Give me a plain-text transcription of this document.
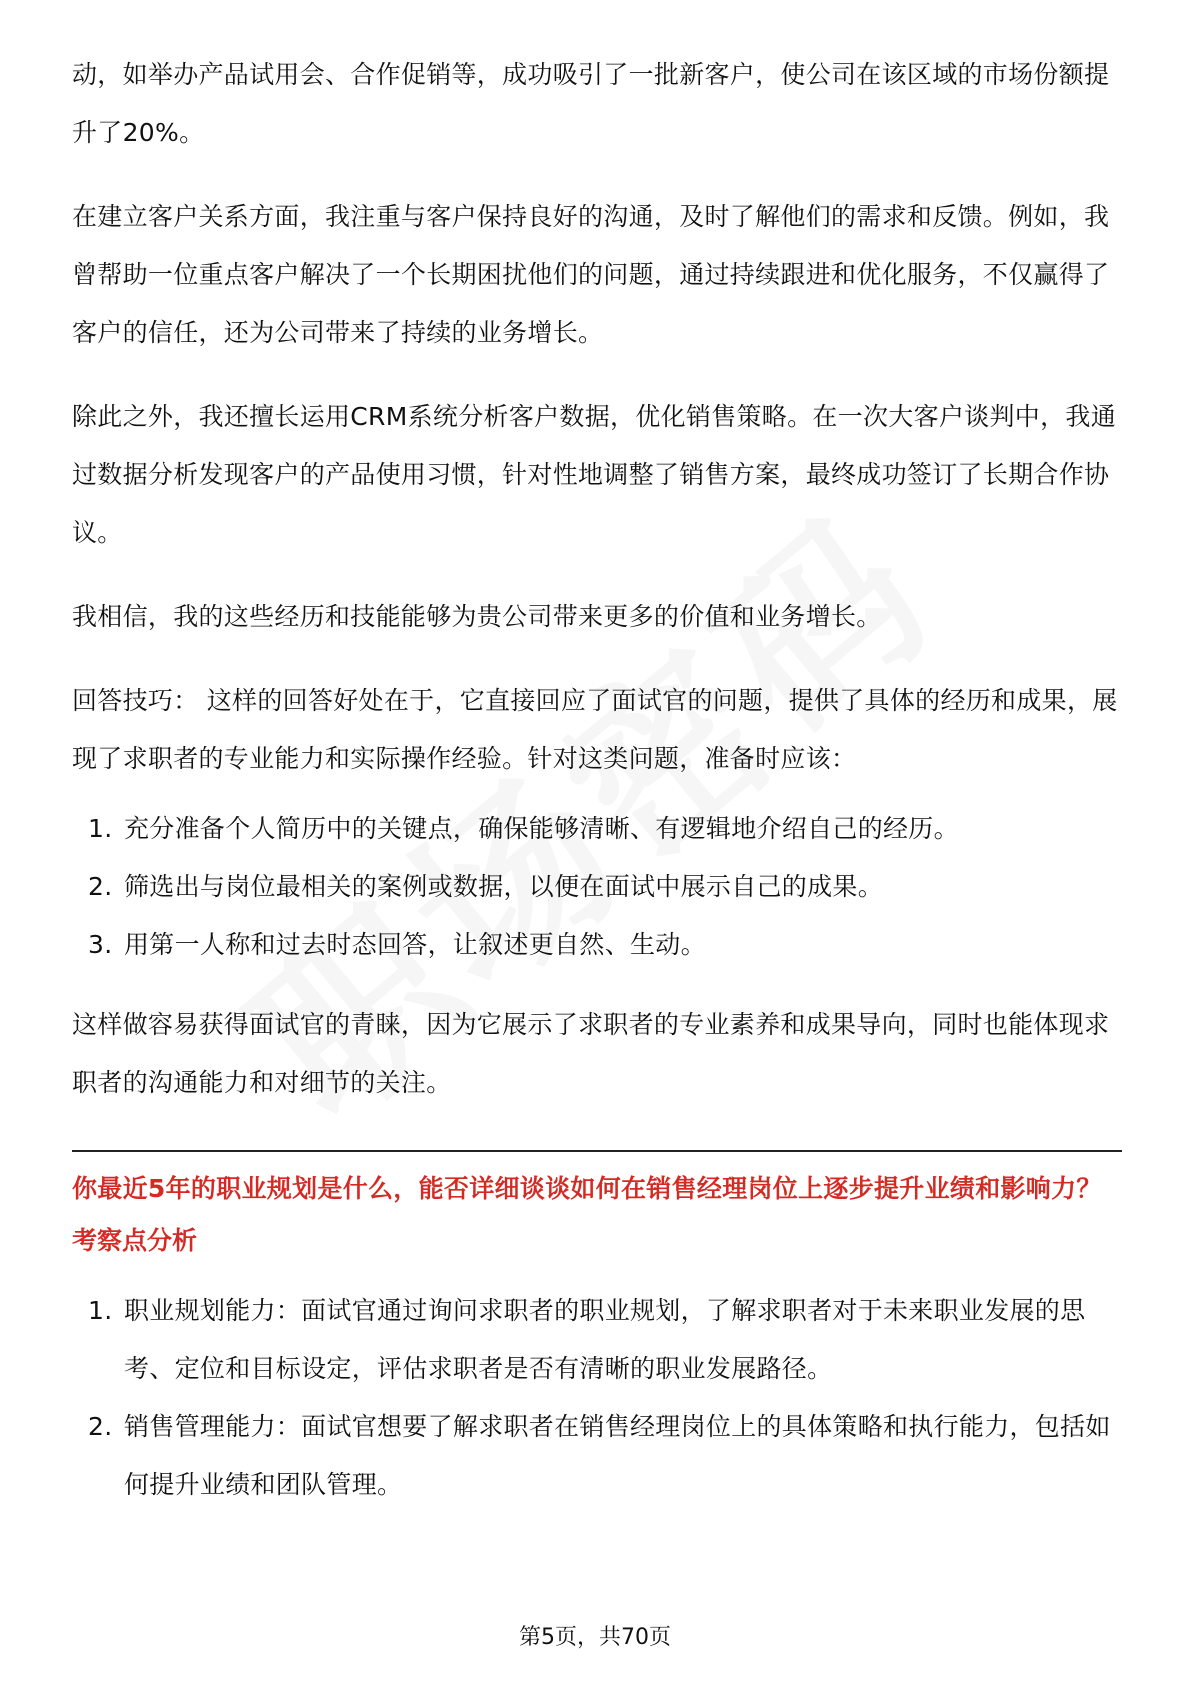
动，如举办产品试用会、合作促销等，成功吸引了一批新客户，使公司在该区域的市场份额提升了20%。

在建立客户关系方面，我注重与客户保持良好的沟通，及时了解他们的需求和反馈。例如，我曾帮助一位重点客户解决了一个长期困扰他们的问题，通过持续跟进和优化服务，不仅赢得了客户的信任，还为公司带来了持续的业务增长。

除此之外，我还擅长运用CRM系统分析客户数据，优化销售策略。在一次大客户谈判中，我通过数据分析发现客户的产品使用习惯，针对性地调整了销售方案，最终成功签订了长期合作协议。

我相信，我的这些经历和技能能够为贵公司带来更多的价值和业务增长。

回答技巧： 这样的回答好处在于，它直接回应了面试官的问题，提供了具体的经历和成果，展现了求职者的专业能力和实际操作经验。针对这类问题，准备时应该：

1. 充分准备个人简历中的关键点，确保能够清晰、有逻辑地介绍自己的经历。
2. 筛选出与岗位最相关的案例或数据，以便在面试中展示自己的成果。
3. 用第一人称和过去时态回答，让叙述更自然、生动。

这样做容易获得面试官的青睐，因为它展示了求职者的专业素养和成果导向，同时也能体现求职者的沟通能力和对细节的关注。

你最近5年的职业规划是什么，能否详细谈谈如何在销售经理岗位上逐步提升业绩和影响力？

考察点分析

1. 职业规划能力：面试官通过询问求职者的职业规划，了解求职者对于未来职业发展的思考、定位和目标设定，评估求职者是否有清晰的职业发展路径。
2. 销售管理能力：面试官想要了解求职者在销售经理岗位上的具体策略和执行能力，包括如何提升业绩和团队管理。
第5页，共70页
